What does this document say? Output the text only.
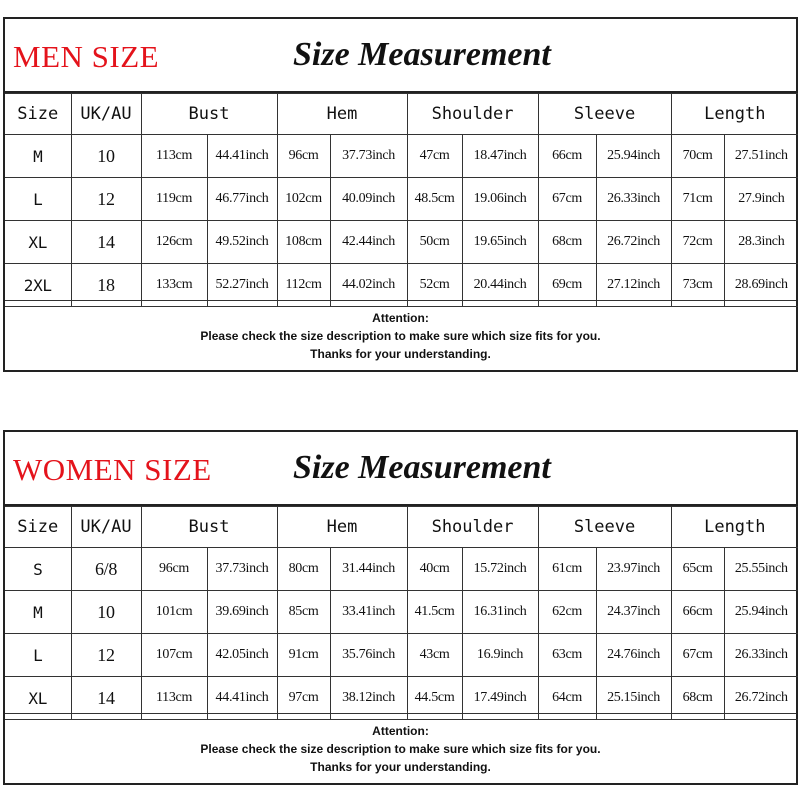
MEN SIZE	Size Measurement
Size	UK/AU	Bust		Hem		Shoulder		Sleeve		Length	
M	10	113cm	44.41inch	96cm	37.73inch	47cm	18.47inch	66cm	25.94inch	70cm	27.51inch
L	12	119cm	46.77inch	102cm	40.09inch	48.5cm	19.06inch	67cm	26.33inch	71cm	27.9inch
XL	14	126cm	49.52inch	108cm	42.44inch	50cm	19.65inch	68cm	26.72inch	72cm	28.3inch
2XL	18	133cm	52.27inch	112cm	44.02inch	52cm	20.44inch	69cm	27.12inch	73cm	28.69inch
Attention:
Please check the size description to make sure which size fits for you.
Thanks for your understanding.
WOMEN SIZE Size Measurement
Size	UK/AU	Bust		Hem		Shoulder		Sleeve		Length	
S	6/8	96cm	37.73inch	80cm	31.44inch	40cm	15.72inch	61cm	23.97inch	65cm	25.55inch
M	10	101cm	39.69inch	85cm	33.41inch	41.5cm	16.31inch	62cm	24.37inch	66cm	25.94inch
L	12	107cm	42.05inch	91cm	35.76inch	43cm	16.9inch	63cm	24.76inch	67cm	26.33inch
XL	14	113cm	44.41inch	97cm	38.12inch	44.5cm	17.49inch	64cm	25.15inch	68cm	26.72inch
Attention:
Please check the size description to make sure which size fits for you.
Thanks for your understanding.
